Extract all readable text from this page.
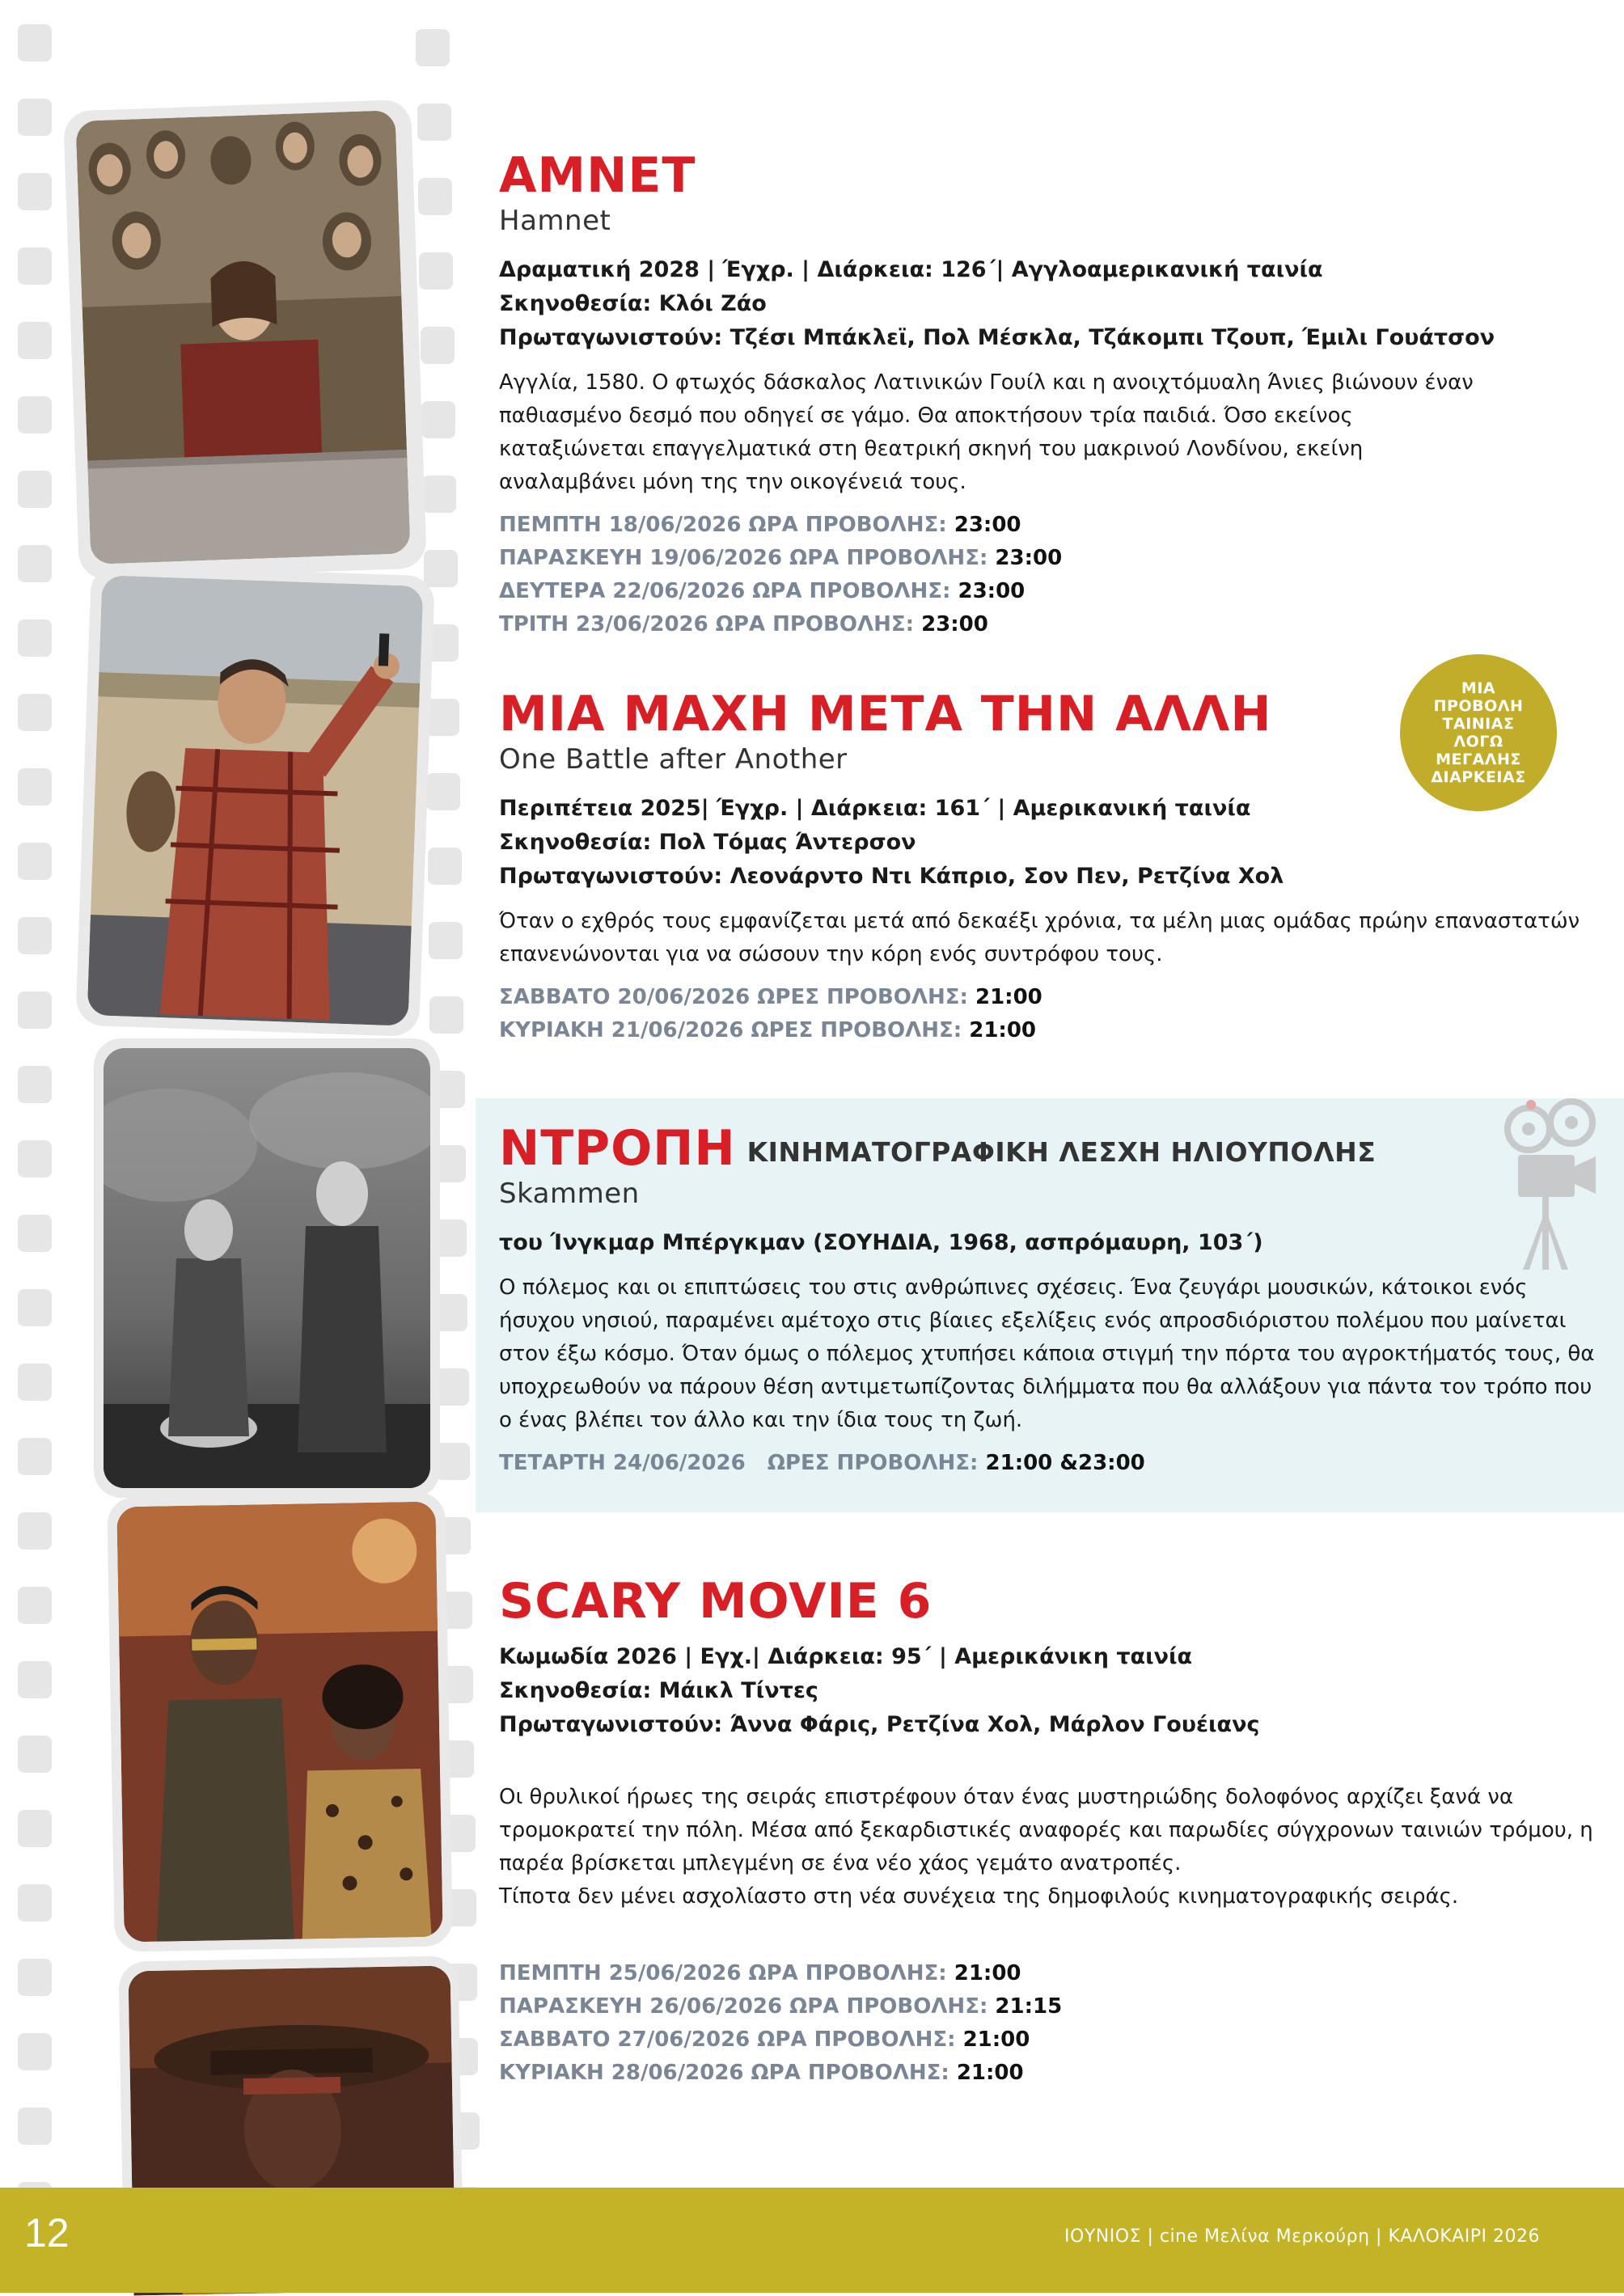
ΑΜΝΕΤ
Hamnet

Δραματική 2028 | Έγχρ. | Διάρκεια: 126΄| Αγγλοαμερικανική ταινία

Σκηνοθεσία: Κλόι Ζάο

Πρωταγωνιστούν: Τζέσι Μπάκλεϊ, Πολ Μέσκλα, Τζάκομπι Τζουπ, Έμιλι Γουάτσον

Αγγλία, 1580. Ο φτωχός δάσκαλος Λατινικών Γουίλ και η ανοιχτόμυαλη Άνιες βιώνουν έναν παθιασμένο δεσμό που οδηγεί σε γάμο. Θα αποκτήσουν τρία παιδιά. Όσο εκείνος καταξιώνεται επαγγελματικά στη θεατρική σκηνή του μακρινού Λονδίνου, εκείνη αναλαμβάνει μόνη της την οικογένειά τους.

ΠΕΜΠΤΗ 18/06/2026 ΩΡΑ ΠΡΟΒΟΛΗΣ: 23:00

ΠΑΡΑΣΚΕΥΗ 19/06/2026 ΩΡΑ ΠΡΟΒΟΛΗΣ: 23:00

ΔΕΥΤΕΡΑ 22/06/2026 ΩΡΑ ΠΡΟΒΟΛΗΣ: 23:00

ΤΡΙΤΗ 23/06/2026 ΩΡΑ ΠΡΟΒΟΛΗΣ: 23:00

ΜΙΑ ΜΑΧΗ ΜΕΤΑ ΤΗΝ ΑΛΛΗ
One Battle after Another

Περιπέτεια 2025| Έγχρ. | Διάρκεια: 161΄ | Αμερικανική ταινία

Σκηνοθεσία: Πολ Τόμας Άντερσον

Πρωταγωνιστούν: Λεονάρντο Ντι Κάπριο, Σον Πεν, Ρετζίνα Χολ

Όταν ο εχθρός τους εμφανίζεται μετά από δεκαέξι χρόνια, τα μέλη μιας ομάδας πρώην επαναστατών επανενώνονται για να σώσουν την κόρη ενός συντρόφου τους.

ΣΑΒΒΑΤΟ 20/06/2026 ΩΡΕΣ ΠΡΟΒΟΛΗΣ: 21:00

ΚΥΡΙΑΚΗ 21/06/2026 ΩΡΕΣ ΠΡΟΒΟΛΗΣ: 21:00

ΜΙΑ ΠΡΟΒΟΛΗ ΤΑΙΝΙΑΣ ΛΟΓΩ ΜΕΓΑΛΗΣ ΔΙΑΡΚΕΙΑΣ
ΝΤΡΟΠΗ ΚΙΝΗΜΑΤΟΓΡΑΦΙΚΗ ΛΕΣΧΗ ΗΛΙΟΥΠΟΛΗΣ
Skammen

του Ίνγκμαρ Μπέργκμαν (ΣΟΥΗΔΙΑ, 1968, ασπρόμαυρη, 103΄)

Ο πόλεμος και οι επιπτώσεις του στις ανθρώπινες σχέσεις. Ένα ζευγάρι μουσικών, κάτοικοι ενός ήσυχου νησιού, παραμένει αμέτοχο στις βίαιες εξελίξεις ενός απροσδιόριστου πολέμου που μαίνεται στον έξω κόσμο. Όταν όμως ο πόλεμος χτυπήσει κάποια στιγμή την πόρτα του αγροκτήματός τους, θα υποχρεωθούν να πάρουν θέση αντιμετωπίζοντας διλήμματα που θα αλλάξουν για πάντα τον τρόπο που ο ένας βλέπει τον άλλο και την ίδια τους τη ζωή.

ΤΕΤΑΡΤΗ 24/06/2026   ΩΡΕΣ ΠΡΟΒΟΛΗΣ: 21:00 &23:00

SCARY MOVIE 6

Κωμωδία 2026 | Εγχ.| Διάρκεια: 95΄ | Αμερικάνικη ταινία

Σκηνοθεσία: Μάικλ Τίντες

Πρωταγωνιστούν: Άννα Φάρις, Ρετζίνα Χολ, Μάρλον Γουέιανς

Οι θρυλικοί ήρωες της σειράς επιστρέφουν όταν ένας μυστηριώδης δολοφόνος αρχίζει ξανά να τρομοκρατεί την πόλη. Μέσα από ξεκαρδιστικές αναφορές και παρωδίες σύγχρονων ταινιών τρόμου, η παρέα βρίσκεται μπλεγμένη σε ένα νέο χάος γεμάτο ανατροπές.

Τίποτα δεν μένει ασχολίαστο στη νέα συνέχεια της δημοφιλούς κινηματογραφικής σειράς.

ΠΕΜΠΤΗ 25/06/2026 ΩΡΑ ΠΡΟΒΟΛΗΣ: 21:00

ΠΑΡΑΣΚΕΥΗ 26/06/2026 ΩΡΑ ΠΡΟΒΟΛΗΣ: 21:15

ΣΑΒΒΑΤΟ 27/06/2026 ΩΡΑ ΠΡΟΒΟΛΗΣ: 21:00

ΚΥΡΙΑΚΗ 28/06/2026 ΩΡΑ ΠΡΟΒΟΛΗΣ: 21:00

12	ΙΟΥΝΙΟΣ | cine Μελίνα Μερκούρη | ΚΑΛΟΚΑΙΡΙ 2026
